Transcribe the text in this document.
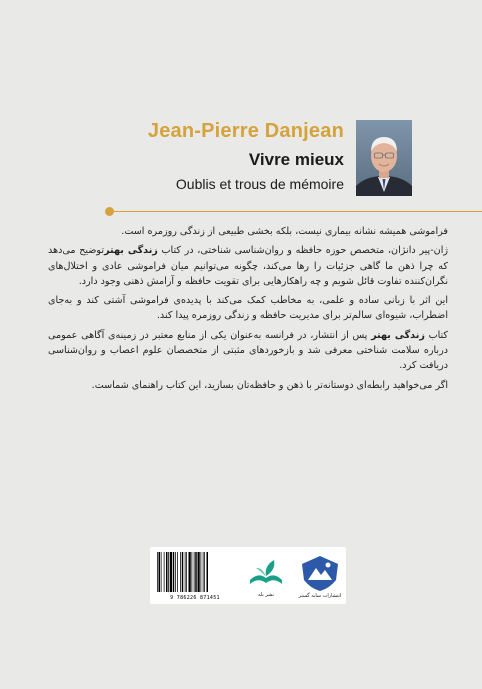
Jean-Pierre Danjean
Vivre mieux
Oublis et trous de mémoire

فراموشی همیشه نشانه بیماری نیست، بلکه بخشی طبیعی از زندگی روزمره است.

ژان-پیر دانژان، متخصص حوزه حافظه و روان‌شناسی شناختی، در کتاب زندگی بهترتوضیح می‌دهد که چرا ذهن ما گاهی جزئیات را رها می‌کند، چگونه می‌توانیم میان فراموشی عادی و اختلال‌های نگران‌کننده تفاوت قائل شویم و چه راهکارهایی برای تقویت حافظه و آرامش ذهنی وجود دارد.

این اثر با زبانی ساده و علمی، به مخاطب کمک می‌کند با پدیده‌ی فراموشی آشتی کند و به‌جای اضطراب، شیوه‌ای سالم‌تر برای مدیریت حافظه و زندگی روزمره پیدا کند.

کتاب زندگی بهتر پس از انتشار، در فرانسه به‌عنوان یکی از منابع معتبر در زمینه‌ی آگاهی عمومی درباره سلامت شناختی معرفی شد و بازخوردهای مثبتی از متخصصان علوم اعصاب و روان‌شناسی دریافت کرد.

اگر می‌خواهید رابطه‌ای دوستانه‌تر با ذهن و حافظه‌تان بسازید، این کتاب راهنمای شماست.

9 786226 871451	نشر بله	انتشارات سایه گستر
